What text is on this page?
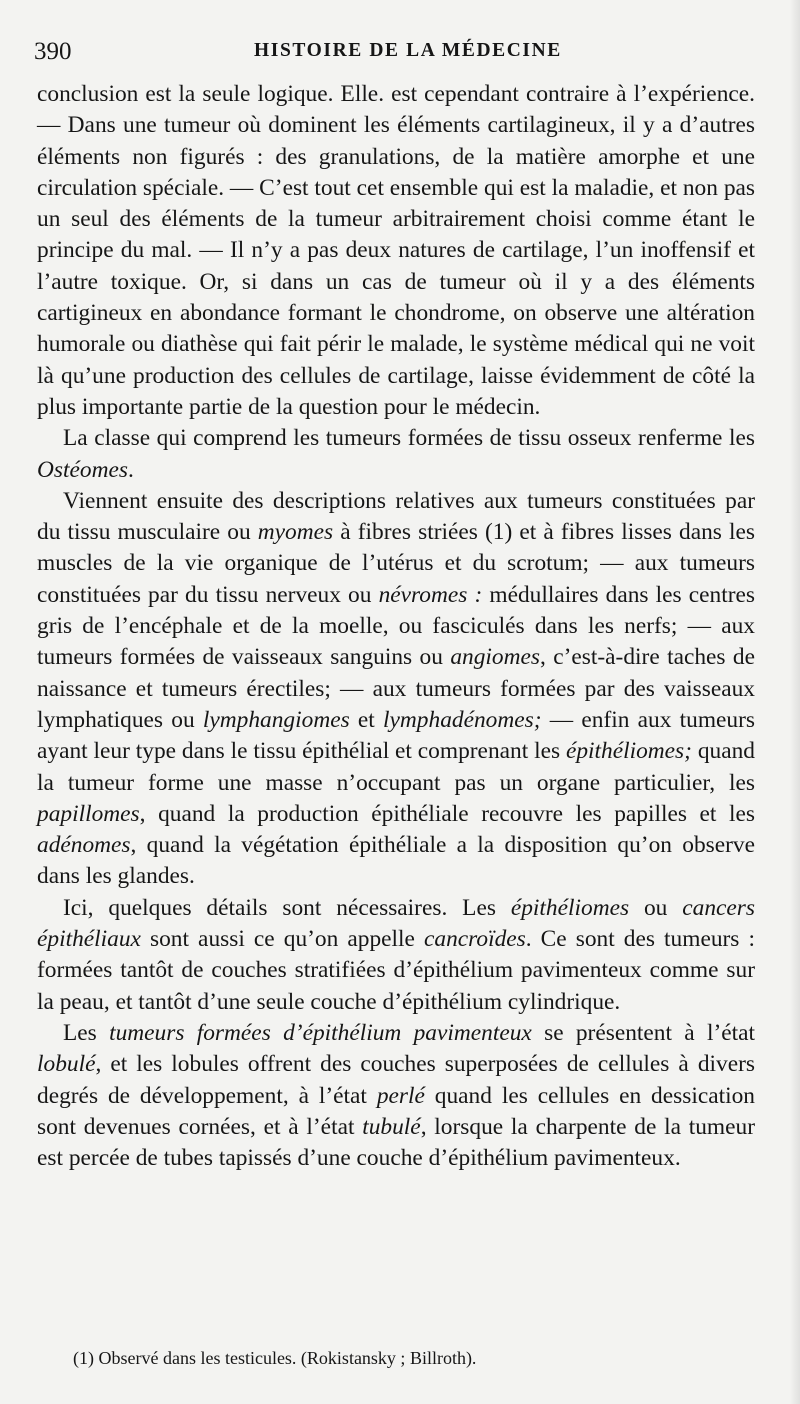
390	HISTOIRE DE LA MÉDECINE

conclusion est la seule logique. Elle. est cependant contraire à l’expérience. — Dans une tumeur où dominent les éléments cartilagineux, il y a d’autres éléments non figurés : des granulations, de la matière amorphe et une circulation spéciale. — C’est tout cet ensemble qui est la maladie, et non pas un seul des éléments de la tumeur arbitrairement choisi comme étant le principe du mal. — Il n’y a pas deux natures de cartilage, l’un inoffensif et l’autre toxique. Or, si dans un cas de tumeur où il y a des éléments cartigineux en abondance formant le chondrome, on observe une altération humorale ou diathèse qui fait périr le malade, le système médical qui ne voit là qu’une production des cellules de cartilage, laisse évidemment de côté la plus importante partie de la question pour le médecin.

La classe qui comprend les tumeurs formées de tissu osseux renferme les Ostéomes.

Viennent ensuite des descriptions relatives aux tumeurs constituées par du tissu musculaire ou myomes à fibres striées (1) et à fibres lisses dans les muscles de la vie organique de l’utérus et du scrotum; — aux tumeurs constituées par du tissu nerveux ou névromes : médullaires dans les centres gris de l’encéphale et de la moelle, ou fasciculés dans les nerfs; — aux tumeurs formées de vaisseaux sanguins ou angiomes, c’est-à-dire taches de naissance et tumeurs érectiles; — aux tumeurs formées par des vaisseaux lymphatiques ou lymphangiomes et lymphadénomes; — enfin aux tumeurs ayant leur type dans le tissu épithélial et comprenant les épithéliomes; quand la tumeur forme une masse n’occupant pas un organe particulier, les papillomes, quand la production épithéliale recouvre les papilles et les adénomes, quand la végétation épithéliale a la disposition qu’on observe dans les glandes.

Ici, quelques détails sont nécessaires. Les épithéliomes ou cancers épithéliaux sont aussi ce qu’on appelle cancroïdes. Ce sont des tumeurs : formées tantôt de couches stratifiées d’épithélium pavimenteux comme sur la peau, et tantôt d’une seule couche d’épithélium cylindrique.

Les tumeurs formées d’épithélium pavimenteux se présentent à l’état lobulé, et les lobules offrent des couches superposées de cellules à divers degrés de développement, à l’état perlé quand les cellules en dessication sont devenues cornées, et à l’état tubulé, lorsque la charpente de la tumeur est percée de tubes tapissés d’une couche d’épithélium pavimenteux.

(1) Observé dans les testicules. (Rokistansky ; Billroth).
